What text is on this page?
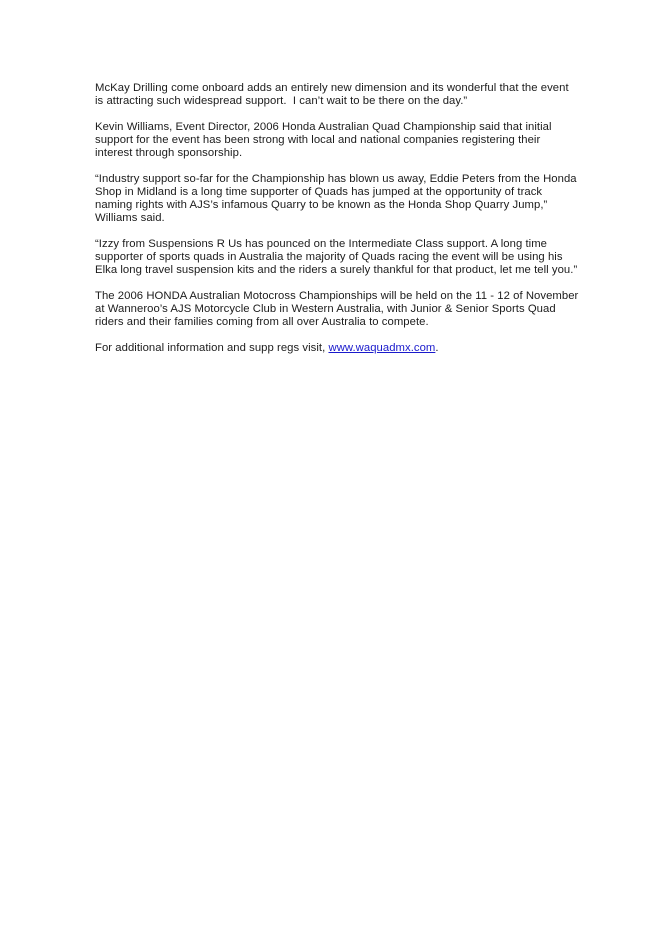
McKay Drilling come onboard adds an entirely new dimension and its wonderful that the event is attracting such widespread support.  I can’t wait to be there on the day.”

Kevin Williams, Event Director, 2006 Honda Australian Quad Championship said that initial support for the event has been strong with local and national companies registering their interest through sponsorship.

“Industry support so-far for the Championship has blown us away, Eddie Peters from the Honda Shop in Midland is a long time supporter of Quads has jumped at the opportunity of track naming rights with AJS’s infamous Quarry to be known as the Honda Shop Quarry Jump,” Williams said.

“Izzy from Suspensions R Us has pounced on the Intermediate Class support. A long time supporter of sports quads in Australia the majority of Quads racing the event will be using his Elka long travel suspension kits and the riders a surely thankful for that product, let me tell you.”

The 2006 HONDA Australian Motocross Championships will be held on the 11 - 12 of November at Wanneroo’s AJS Motorcycle Club in Western Australia, with Junior & Senior Sports Quad riders and their families coming from all over Australia to compete.

For additional information and supp regs visit, www.waquadmx.com.
